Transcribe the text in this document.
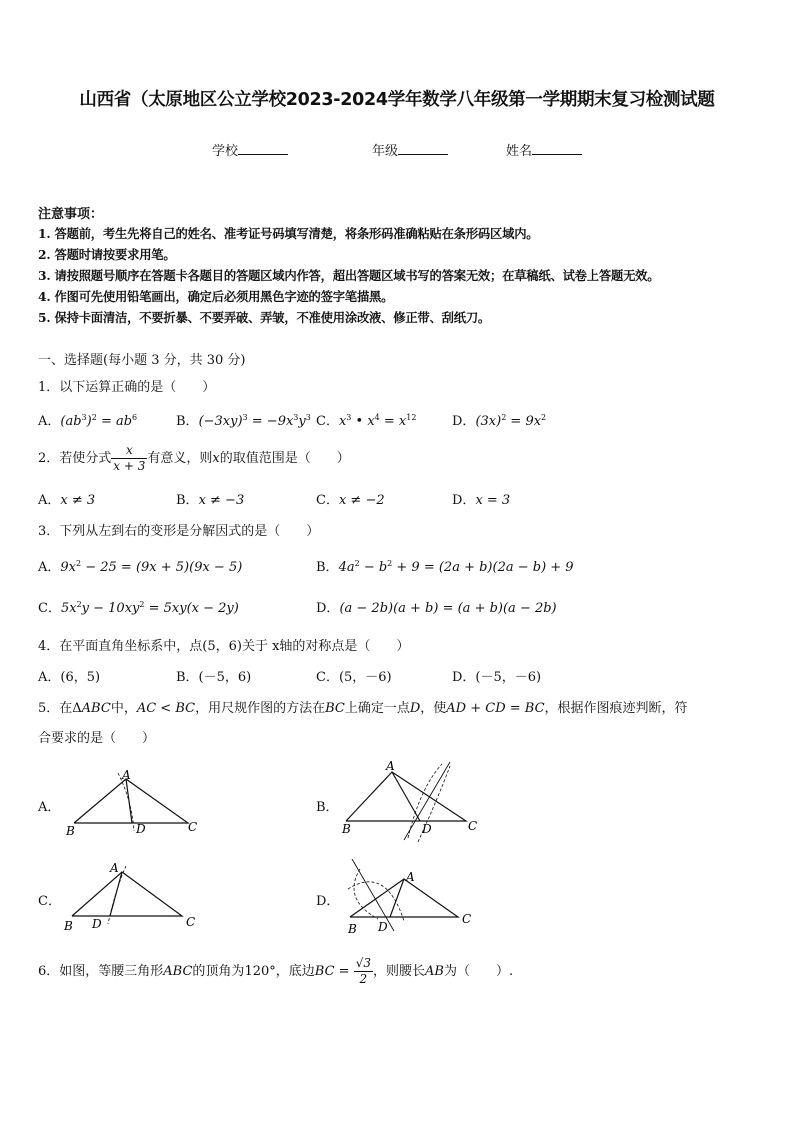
山西省（太原地区公立学校2023-2024学年数学八年级第一学期期末复习检测试题
学校	年级	姓名
注意事项：
1. 答题前，考生先将自己的姓名、准考证号码填写清楚，将条形码准确粘贴在条形码区域内。
2. 答题时请按要求用笔。
3. 请按照题号顺序在答题卡各题目的答题区域内作答，超出答题区域书写的答案无效；在草稿纸、试卷上答题无效。
4. 作图可先使用铅笔画出，确定后必须用黑色字迹的签字笔描黑。
5. 保持卡面清洁，不要折暴、不要弄破、弄皱，不准使用涂改液、修正带、刮纸刀。
一、选择题(每小题 3 分，共 30 分)
1．以下运算正确的是（　　）
A．$(ab^3)^2 = ab^6$	B．$(-3xy)^3 = -9x^3y^3$ C．$x^3$ • $x^4 = x^{12}$	D．$(3x)^2 = 9x^2$
2．若使分式 $\frac{x}{x + 3}$ 有意义，则x的取值范围是（　　）
A．x ≠ 3	B．x ≠ −3	C．x ≠ −2	D．x = 3
3．下列从左到右的变形是分解因式的是（　　）
A．$9x^2 - 25 = (9x + 5)(9x - 5)$	B．$4a^2 - b^2 + 9 = (2a + b)(2a - b) + 9$
C．$5x^2y - 10xy^2 = 5xy(x - 2y)$	D．(a − 2b)(a + b) = (a + b)(a − 2b)
4．在平面直角坐标系中，点(5，6)关于 x轴的对称点是（　　）
A．(6，5)	B．(－5，6)	C．(5，－6)	D．(－5，－6)
5．在ΔABC中，AC < BC，用尺规作图的方法在BC上确定一点D，使AD + CD = BC，根据作图痕迹判断，符
合要求的是（　　）
A．
A
B	D	C
B．
A
B	D	C
C．
A
B D	C
D．
A
B D
C
6．如图，等腰三角形ABC的顶角为120°，底边BC = $\frac{√3}{2}$ ，则腰长AB为（　　）.
